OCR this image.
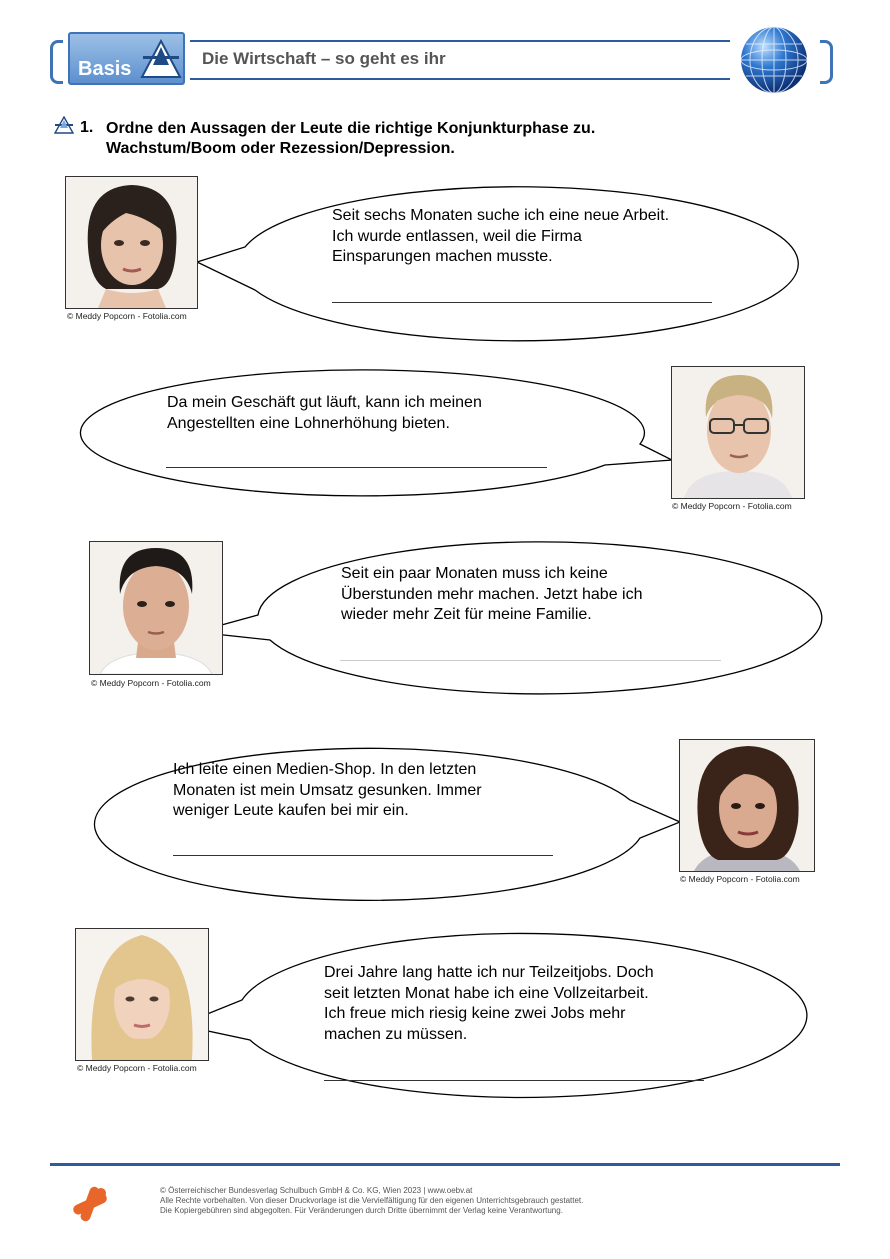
Basis	Die Wirtschaft – so geht es ihr
1. Ordne den Aussagen der Leute die richtige Konjunkturphase zu.
Wachstum/Boom oder Rezession/Depression.
© Meddy Popcorn - Fotolia.com
Seit sechs Monaten suche ich eine neue Arbeit.
Ich wurde entlassen, weil die Firma
Einsparungen machen musste.
© Meddy Popcorn - Fotolia.com
Da mein Geschäft gut läuft, kann ich meinen
Angestellten eine Lohnerhöhung bieten.
© Meddy Popcorn - Fotolia.com
Seit ein paar Monaten muss ich keine
Überstunden mehr machen. Jetzt habe ich
wieder mehr Zeit für meine Familie.
© Meddy Popcorn - Fotolia.com
Ich leite einen Medien-Shop. In den letzten
Monaten ist mein Umsatz gesunken. Immer
weniger Leute kaufen bei mir ein.
© Meddy Popcorn - Fotolia.com
Drei Jahre lang hatte ich nur Teilzeitjobs. Doch
seit letzten Monat habe ich eine Vollzeitarbeit.
Ich freue mich riesig keine zwei Jobs mehr
machen zu müssen.
© Österreichischer Bundesverlag Schulbuch GmbH & Co. KG, Wien 2023 | www.oebv.at
Alle Rechte vorbehalten. Von dieser Druckvorlage ist die Vervielfältigung für den eigenen Unterrichtsgebrauch gestattet.
Die Kopiergebühren sind abgegolten. Für Veränderungen durch Dritte übernimmt der Verlag keine Verantwortung.
